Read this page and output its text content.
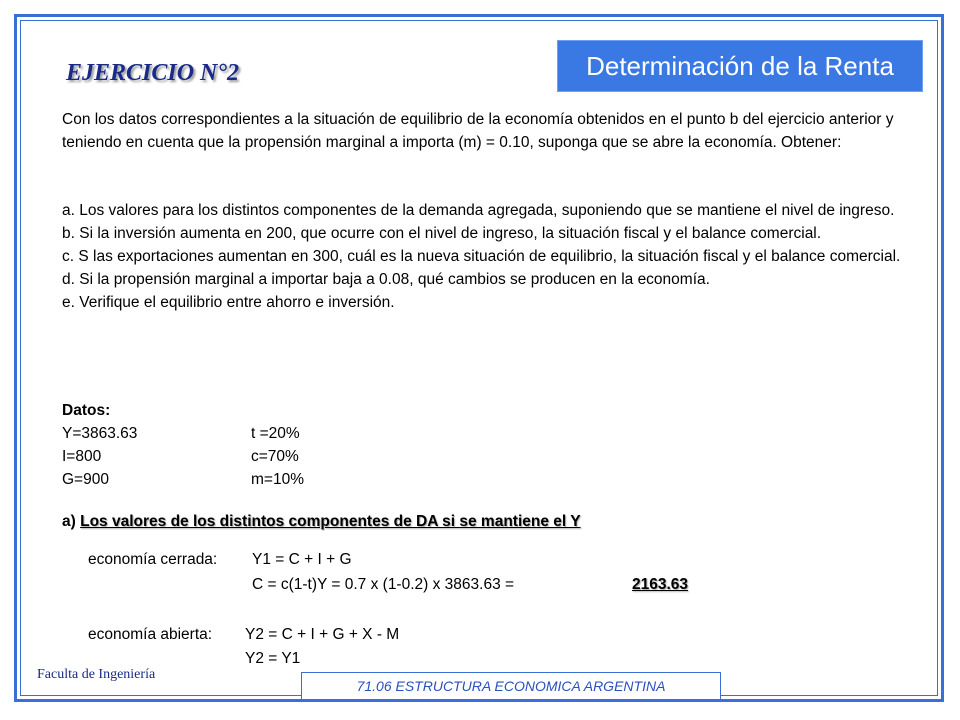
Determinación de la Renta
EJERCICIO N°2
Con los datos correspondientes a la situación de equilibrio de la economía obtenidos en el punto b del ejercicio anterior y teniendo en cuenta que la propensión marginal a importa (m) = 0.10, suponga que se abre la economía. Obtener:
a. Los valores para los distintos componentes de la demanda agregada, suponiendo que se mantiene el nivel de ingreso.
b. Si la inversión aumenta en 200, que ocurre con el nivel de ingreso, la situación fiscal y el balance comercial.
c. S las exportaciones aumentan en 300, cuál es la nueva situación de equilibrio, la situación fiscal y el balance comercial.
d. Si la propensión marginal a importar baja a 0.08, qué cambios se producen en la economía.
e. Verifique el equilibrio entre ahorro e inversión.
Datos:
Y=3863.63	t =20%
I=800	c=70%
G=900	m=10%
a) Los valores de los distintos componentes de DA si se mantiene el Y
economía cerrada: Y1 = C + I + G
C = c(1-t)Y = 0.7 x (1-0.2) x 3863.63 =	2163.63
economía abierta: Y2 = C + I + G + X - M
Y2 = Y1
Faculta de Ingeniería
71.06 ESTRUCTURA ECONOMICA ARGENTINA
